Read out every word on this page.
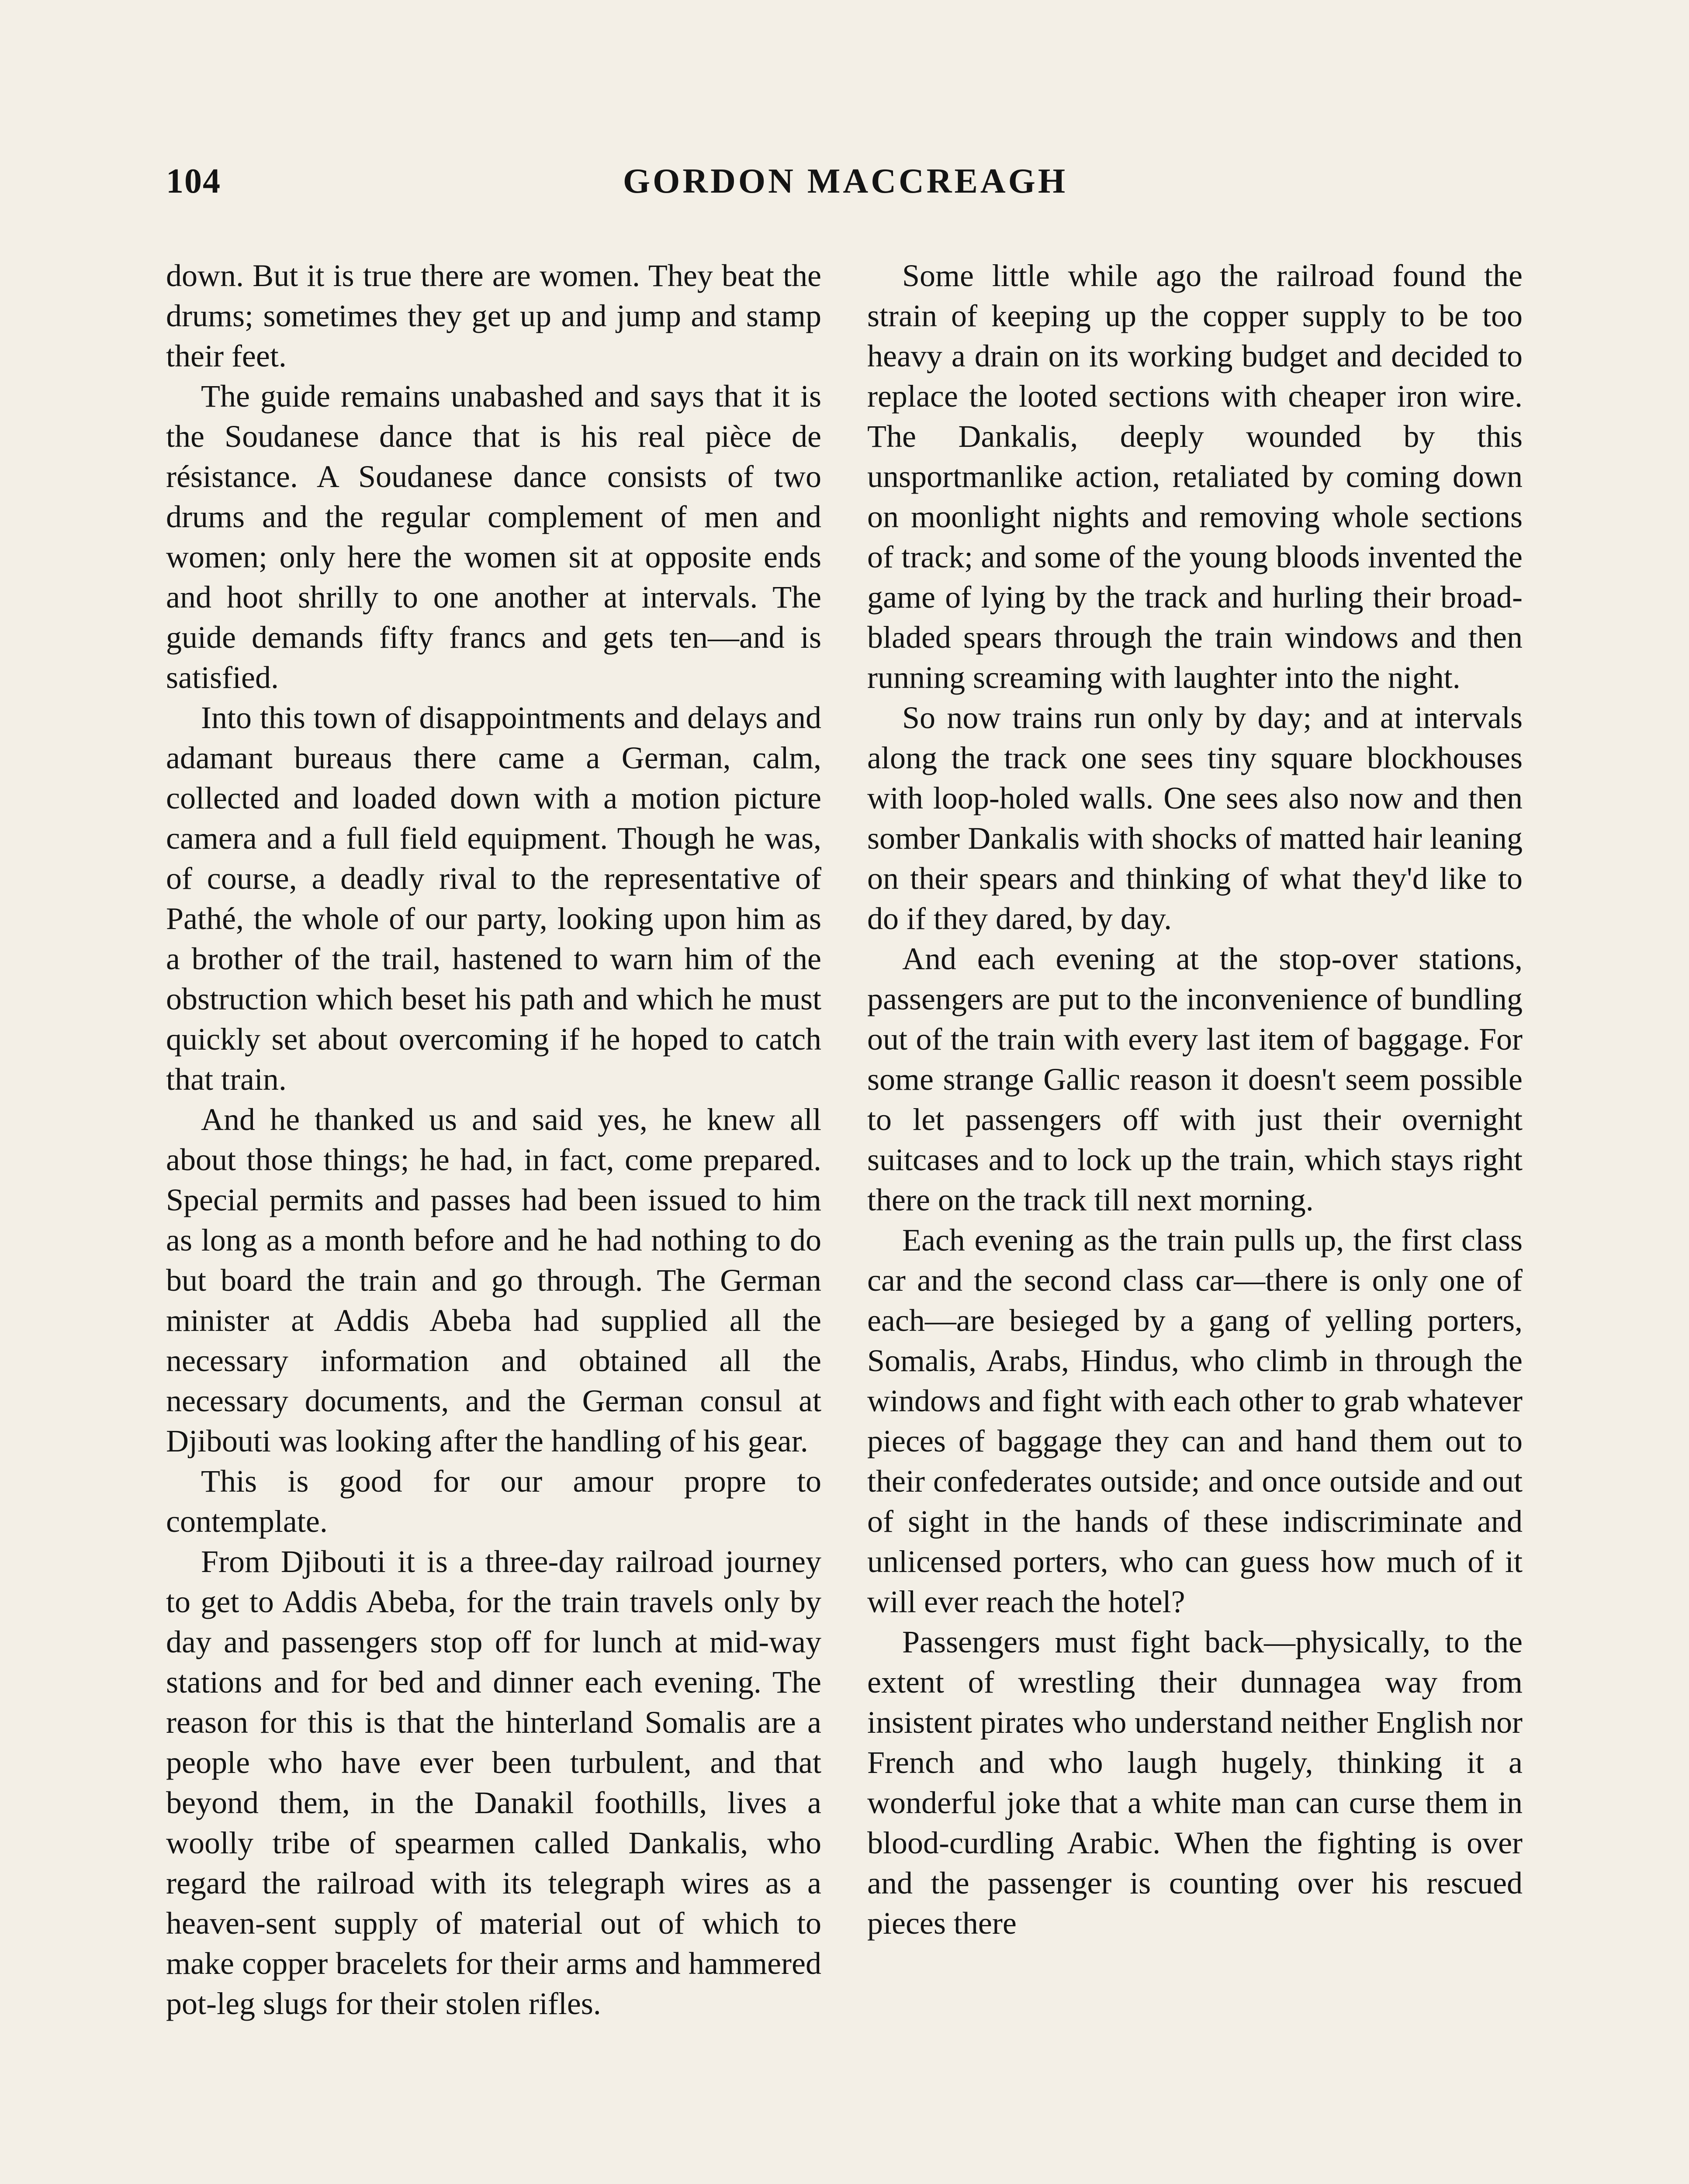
104	GORDON MACCREAGH

down. But it is true there are women. They beat the drums; sometimes they get up and jump and stamp their feet.

The guide remains unabashed and says that it is the Soudanese dance that is his real pièce de résistance. A Soudanese dance consists of two drums and the regular complement of men and women; only here the women sit at opposite ends and hoot shrilly to one another at intervals. The guide demands fifty francs and gets ten—and is satisfied.

Into this town of disappointments and delays and adamant bureaus there came a German, calm, collected and loaded down with a motion picture camera and a full field equipment. Though he was, of course, a deadly rival to the representative of Pathé, the whole of our party, looking upon him as a brother of the trail, hastened to warn him of the obstruction which beset his path and which he must quickly set about overcoming if he hoped to catch that train.

And he thanked us and said yes, he knew all about those things; he had, in fact, come prepared. Special permits and passes had been issued to him as long as a month before and he had nothing to do but board the train and go through. The German minister at Addis Abeba had supplied all the necessary information and obtained all the necessary documents, and the German consul at Djibouti was looking after the handling of his gear.

This is good for our amour propre to contemplate.

From Djibouti it is a three-day railroad journey to get to Addis Abeba, for the train travels only by day and passengers stop off for lunch at mid-way stations and for bed and dinner each evening. The reason for this is that the hinterland Somalis are a people who have ever been turbulent, and that beyond them, in the Danakil foothills, lives a woolly tribe of spearmen called Dankalis, who regard the railroad with its telegraph wires as a heaven-sent supply of material out of which to make copper bracelets for their arms and hammered pot-leg slugs for their stolen rifles.

Some little while ago the railroad found the strain of keeping up the copper supply to be too heavy a drain on its working budget and decided to replace the looted sections with cheaper iron wire. The Dankalis, deeply wounded by this unsportmanlike action, retaliated by coming down on moonlight nights and removing whole sections of track; and some of the young bloods invented the game of lying by the track and hurling their broad-bladed spears through the train windows and then running screaming with laughter into the night.

So now trains run only by day; and at intervals along the track one sees tiny square blockhouses with loop-holed walls. One sees also now and then somber Dankalis with shocks of matted hair leaning on their spears and thinking of what they'd like to do if they dared, by day.

And each evening at the stop-over stations, passengers are put to the inconvenience of bundling out of the train with every last item of baggage. For some strange Gallic reason it doesn't seem possible to let passengers off with just their overnight suitcases and to lock up the train, which stays right there on the track till next morning.

Each evening as the train pulls up, the first class car and the second class car—there is only one of each—are besieged by a gang of yelling porters, Somalis, Arabs, Hindus, who climb in through the windows and fight with each other to grab whatever pieces of baggage they can and hand them out to their confederates outside; and once outside and out of sight in the hands of these indiscriminate and unlicensed porters, who can guess how much of it will ever reach the hotel?

Passengers must fight back—physically, to the extent of wrestling their dunnagea way from insistent pirates who understand neither English nor French and who laugh hugely, thinking it a wonderful joke that a white man can curse them in blood-curdling Arabic. When the fighting is over and the passenger is counting over his rescued pieces there
